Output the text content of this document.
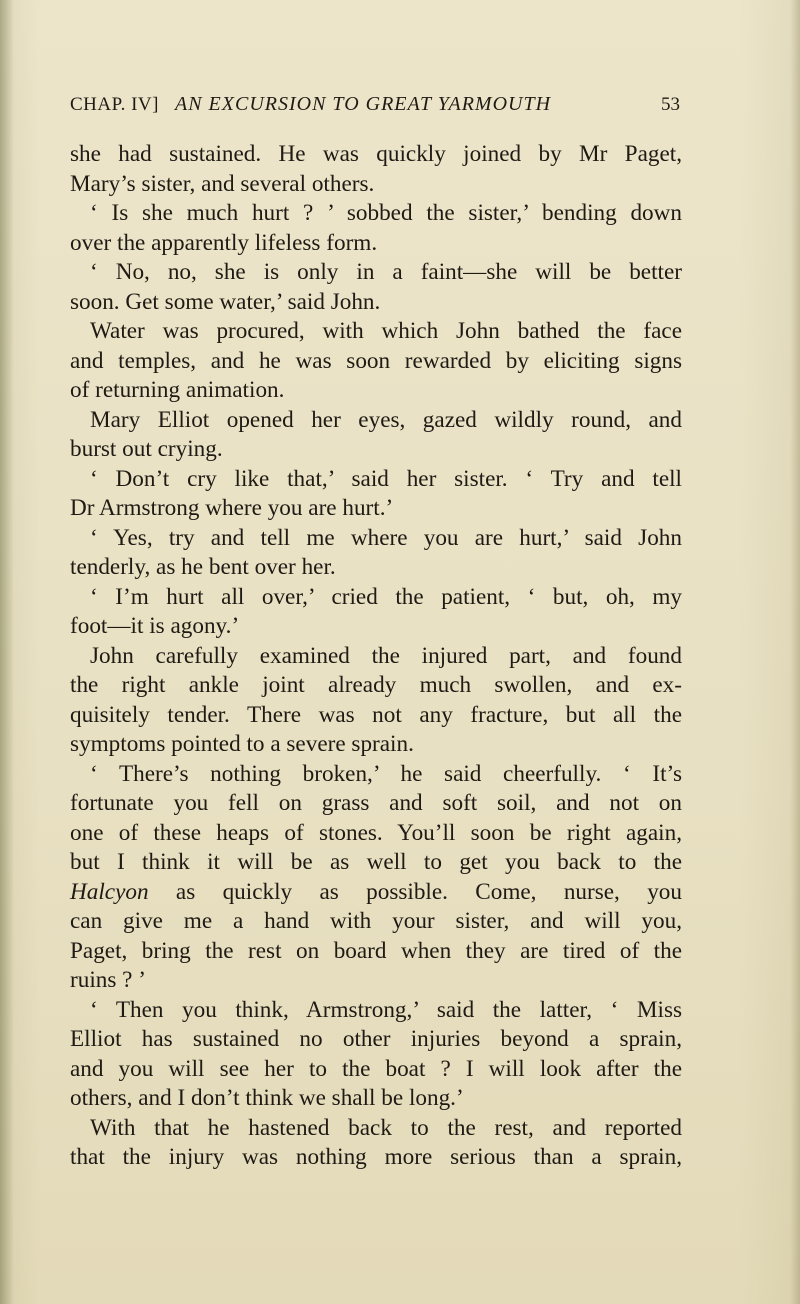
CHAP. IV] AN EXCURSION TO GREAT YARMOUTH	53
she had sustained. He was quickly joined by Mr Paget,
Mary’s sister, and several others.
‘ Is she much hurt ? ’ sobbed the sister,’ bending down
over the apparently lifeless form.
‘ No, no, she is only in a faint—she will be better
soon. Get some water,’ said John.
Water was procured, with which John bathed the face
and temples, and he was soon rewarded by eliciting signs
of returning animation.
Mary Elliot opened her eyes, gazed wildly round, and
burst out crying.
‘ Don’t cry like that,’ said her sister. ‘ Try and tell
Dr Armstrong where you are hurt.’
‘ Yes, try and tell me where you are hurt,’ said John
tenderly, as he bent over her.
‘ I’m hurt all over,’ cried the patient, ‘ but, oh, my
foot—it is agony.’
John carefully examined the injured part, and found
the right ankle joint already much swollen, and ex-
quisitely tender. There was not any fracture, but all the
symptoms pointed to a severe sprain.
‘ There’s nothing broken,’ he said cheerfully. ‘ It’s
fortunate you fell on grass and soft soil, and not on
one of these heaps of stones. You’ll soon be right again,
but I think it will be as well to get you back to the
Halcyon as quickly as possible. Come, nurse, you
can give me a hand with your sister, and will you,
Paget, bring the rest on board when they are tired of the
ruins ? ’
‘ Then you think, Armstrong,’ said the latter, ‘ Miss
Elliot has sustained no other injuries beyond a sprain,
and you will see her to the boat ? I will look after the
others, and I don’t think we shall be long.’
With that he hastened back to the rest, and reported
that the injury was nothing more serious than a sprain,
